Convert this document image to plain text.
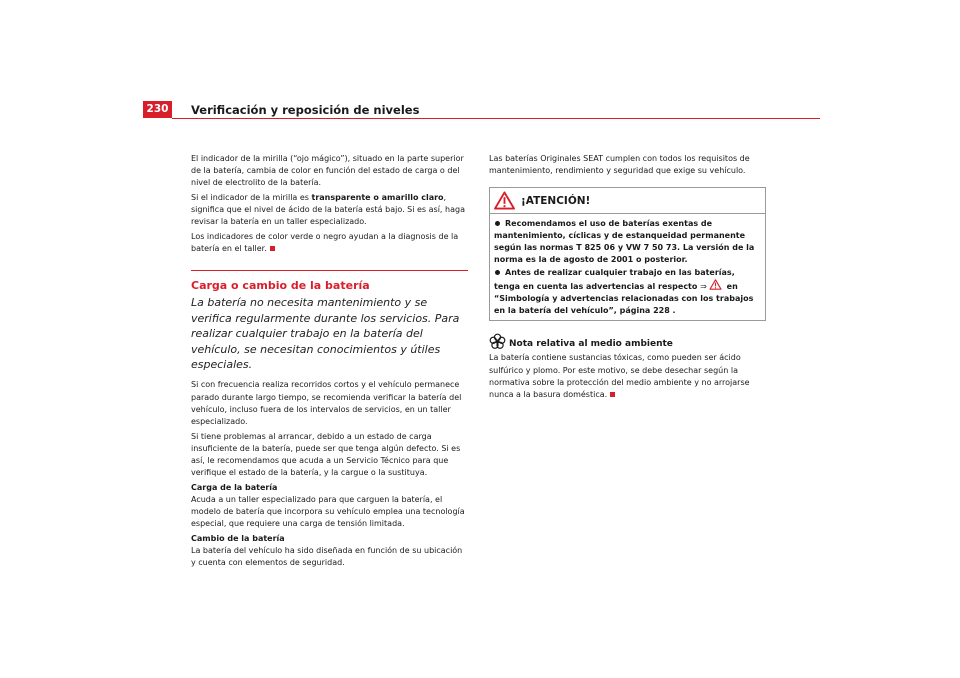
230	Verificación y reposición de niveles

El indicador de la mirilla (“ojo mágico”), situado en la parte superior de la batería, cambia de color en función del estado de carga o del nivel de electrolito de la batería.

Si el indicador de la mirilla es transparente o amarillo claro, significa que el nivel de ácido de la batería está bajo. Si es así, haga revisar la batería en un taller especializado.

Los indicadores de color verde o negro ayudan a la diagnosis de la batería en el taller.

Carga o cambio de la batería

La batería no necesita mantenimiento y se verifica regularmente durante los servicios. Para realizar cualquier trabajo en la batería del vehículo, se necesitan conocimientos y útiles especiales.

Si con frecuencia realiza recorridos cortos y el vehículo permanece parado durante largo tiempo, se recomienda verificar la batería del vehículo, incluso fuera de los intervalos de servicios, en un taller especializado.

Si tiene problemas al arrancar, debido a un estado de carga insuficiente de la batería, puede ser que tenga algún defecto. Si es así, le recomendamos que acuda a un Servicio Técnico para que verifique el estado de la batería, y la cargue o la sustituya.

Carga de la batería

Acuda a un taller especializado para que carguen la batería, el modelo de batería que incorpora su vehículo emplea una tecnología especial, que requiere una carga de tensión limitada.

Cambio de la batería

La batería del vehículo ha sido diseñada en función de su ubicación y cuenta con elementos de seguridad.

Las baterías Originales SEAT cumplen con todos los requisitos de mantenimiento, rendimiento y seguridad que exige su vehículo.

¡ATENCIÓN!

Recomendamos el uso de baterías exentas de mantenimiento, cíclicas y de estanqueidad permanente según las normas T 825 06 y VW 7 50 73. La versión de la norma es la de agosto de 2001 o posterior.

Antes de realizar cualquier trabajo en las baterías, tenga en cuenta las advertencias al respecto ⇒ en “Simbología y advertencias relacionadas con los trabajos en la batería del vehículo”, página 228 .

Nota relativa al medio ambiente

La batería contiene sustancias tóxicas, como pueden ser ácido sulfúrico y plomo. Por este motivo, se debe desechar según la normativa sobre la protección del medio ambiente y no arrojarse nunca a la basura doméstica.
